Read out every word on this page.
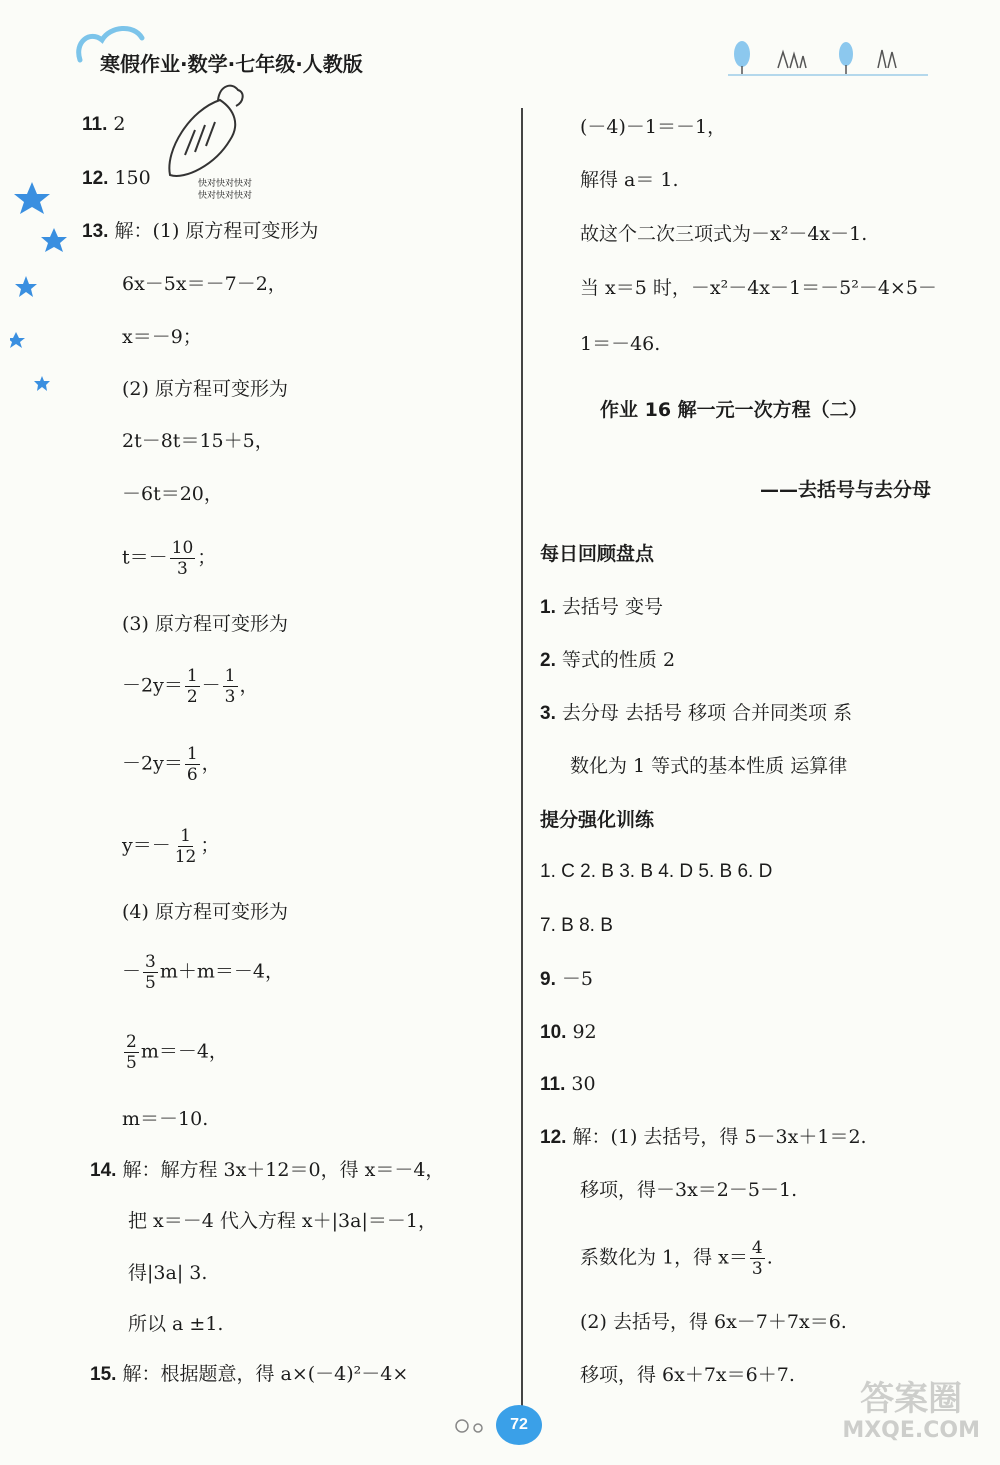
寒假作业·数学·七年级·人教版
快对快对快对
快对快对快对
11. 2
12. 150
13. 解：(1) 原方程可变形为
6x－5x＝－7－2，
x＝－9；
(2) 原方程可变形为
2t－8t＝15＋5，
－6t＝20，
$t=- \frac{10}{3}$ ；
(3) 原方程可变形为
$-2y= \frac{1}{2} - \frac{1}{3}$ ，
$-2y= \frac{1}{6}$ ，
$y=- \frac{1}{12}$ ；
(4) 原方程可变形为
－ $\frac{3}{5} m+m=-4$，
$\frac{2}{5} m=-4$，
m＝－10.
14. 解：解方程 3x＋12＝0，得 x＝－4，
把 x＝－4 代入方程 x＋|3a|＝－1，
得|3a| 3.
所以 a ±1.
15. 解：根据题意，得 a×(－4)²－4×
(－4)－1＝－1，
解得 a＝ 1.
故这个二次三项式为－x²－4x－1.
当 x＝5 时，－x²－4x－1＝－5²－4×5－
1＝－46.
作业 16 解一元一次方程（二）
——去括号与去分母
每日回顾盘点
1. 去括号 变号
2. 等式的性质 2
3. 去分母 去括号 移项 合并同类项 系
数化为 1 等式的基本性质 运算律
提分强化训练
1. C 2. B 3. B 4. D 5. B 6. D
7. B 8. B
9. －5
10. 92
11. 30
12. 解：(1) 去括号，得 5－3x＋1＝2.
移项，得－3x＝2－5－1.
系数化为 1，得 $x= \frac{4}{3}$ .
(2) 去括号，得 6x－7＋7x＝6.
移项，得 6x＋7x＝6＋7.
72
答案圈
MXQE.COM
